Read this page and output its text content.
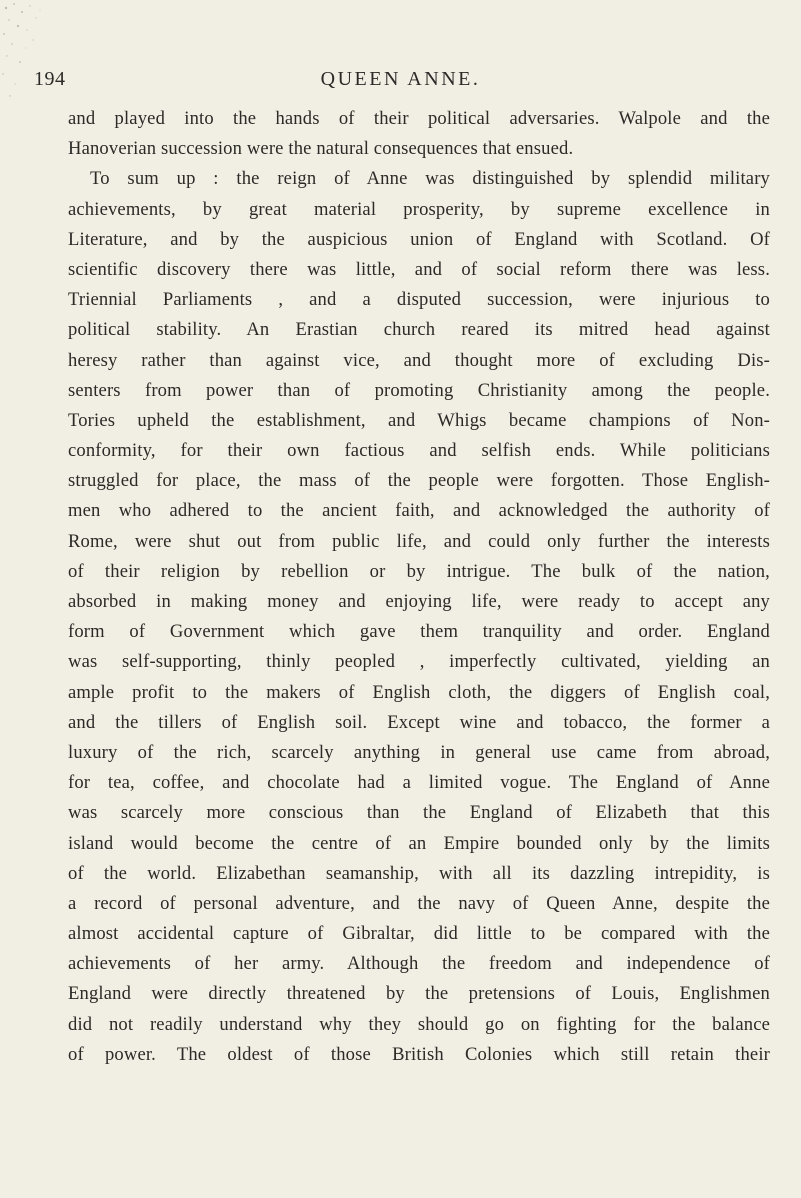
194	QUEEN ANNE.
and played into the hands of their political adversaries. Walpole and the
Hanoverian succession were the natural consequences that ensued.
To sum up : the reign of Anne was distinguished by splendid military
achievements, by great material prosperity, by supreme excellence in
Literature, and by the auspicious union of England with Scotland. Of
scientific discovery there was little, and of social reform there was less.
Triennial Parliaments , and a disputed succession, were injurious to
political stability. An Erastian church reared its mitred head against
heresy rather than against vice, and thought more of excluding Dis-
senters from power than of promoting Christianity among the people.
Tories upheld the establishment, and Whigs became champions of Non-
conformity, for their own factious and selfish ends. While politicians
struggled for place, the mass of the people were forgotten. Those English-
men who adhered to the ancient faith, and acknowledged the authority of
Rome, were shut out from public life, and could only further the interests
of their religion by rebellion or by intrigue. The bulk of the nation,
absorbed in making money and enjoying life, were ready to accept any
form of Government which gave them tranquility and order. England
was self-supporting, thinly peopled , imperfectly cultivated, yielding an
ample profit to the makers of English cloth, the diggers of English coal,
and the tillers of English soil. Except wine and tobacco, the former a
luxury of the rich, scarcely anything in general use came from abroad,
for tea, coffee, and chocolate had a limited vogue. The England of Anne
was scarcely more conscious than the England of Elizabeth that this
island would become the centre of an Empire bounded only by the limits
of the world. Elizabethan seamanship, with all its dazzling intrepidity, is
a record of personal adventure, and the navy of Queen Anne, despite the
almost accidental capture of Gibraltar, did little to be compared with the
achievements of her army. Although the freedom and independence of
England were directly threatened by the pretensions of Louis, Englishmen
did not readily understand why they should go on fighting for the balance
of power. The oldest of those British Colonies which still retain their
